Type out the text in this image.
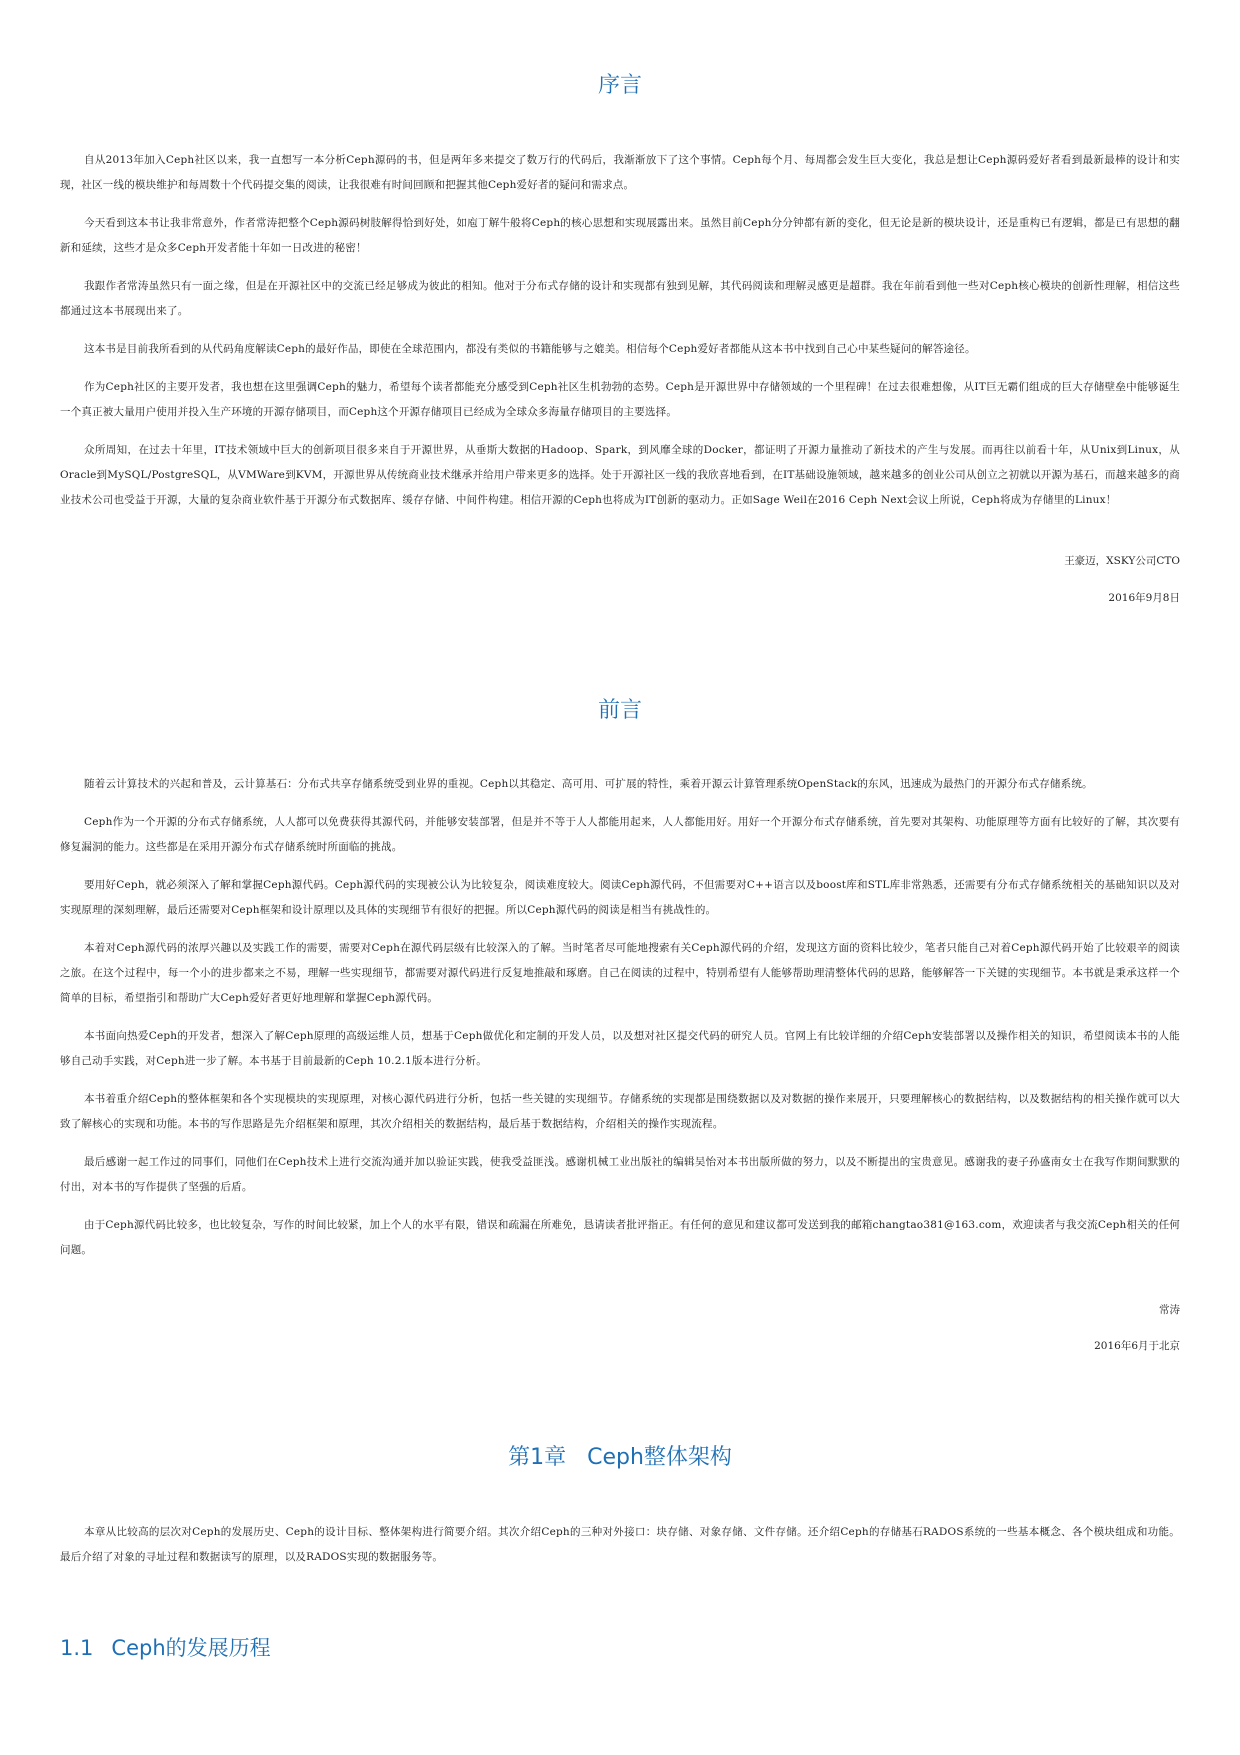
序言

自从2013年加入Ceph社区以来，我一直想写一本分析Ceph源码的书，但是两年多来提交了数万行的代码后，我渐渐放下了这个事情。Ceph每个月、每周都会发生巨大变化，我总是想让Ceph源码爱好者看到最新最棒的设计和实现，社区一线的模块维护和每周数十个代码提交集的阅读，让我很难有时间回顾和把握其他Ceph爱好者的疑问和需求点。

今天看到这本书让我非常意外，作者常涛把整个Ceph源码树肢解得恰到好处，如庖丁解牛般将Ceph的核心思想和实现展露出来。虽然目前Ceph分分钟都有新的变化，但无论是新的模块设计，还是重构已有逻辑，都是已有思想的翻新和延续，这些才是众多Ceph开发者能十年如一日改进的秘密！

我跟作者常涛虽然只有一面之缘，但是在开源社区中的交流已经足够成为彼此的相知。他对于分布式存储的设计和实现都有独到见解，其代码阅读和理解灵感更是超群。我在年前看到他一些对Ceph核心模块的创新性理解，相信这些都通过这本书展现出来了。

这本书是目前我所看到的从代码角度解读Ceph的最好作品，即使在全球范围内，都没有类似的书籍能够与之媲美。相信每个Ceph爱好者都能从这本书中找到自己心中某些疑问的解答途径。

作为Ceph社区的主要开发者，我也想在这里强调Ceph的魅力，希望每个读者都能充分感受到Ceph社区生机勃勃的态势。Ceph是开源世界中存储领域的一个里程碑！在过去很难想像，从IT巨无霸们组成的巨大存储壁垒中能够诞生一个真正被大量用户使用并投入生产环境的开源存储项目，而Ceph这个开源存储项目已经成为全球众多海量存储项目的主要选择。

众所周知，在过去十年里，IT技术领域中巨大的创新项目很多来自于开源世界，从垂斯大数据的Hadoop、Spark，到风靡全球的Docker，都证明了开源力量推动了新技术的产生与发展。而再往以前看十年，从Unix到Linux，从Oracle到MySQL/PostgreSQL，从VMWare到KVM，开源世界从传统商业技术继承并给用户带来更多的选择。处于开源社区一线的我欣喜地看到，在IT基础设施领域，越来越多的创业公司从创立之初就以开源为基石，而越来越多的商业技术公司也受益于开源，大量的复杂商业软件基于开源分布式数据库、缓存存储、中间件构建。相信开源的Ceph也将成为IT创新的驱动力。正如Sage Weil在2016 Ceph Next会议上所说，Ceph将成为存储里的Linux！

王豪迈，XSKY公司CTO

2016年9月8日

前言

随着云计算技术的兴起和普及，云计算基石：分布式共享存储系统受到业界的重视。Ceph以其稳定、高可用、可扩展的特性，乘着开源云计算管理系统OpenStack的东风，迅速成为最热门的开源分布式存储系统。

Ceph作为一个开源的分布式存储系统，人人都可以免费获得其源代码，并能够安装部署，但是并不等于人人都能用起来，人人都能用好。用好一个开源分布式存储系统，首先要对其架构、功能原理等方面有比较好的了解，其次要有修复漏洞的能力。这些都是在采用开源分布式存储系统时所面临的挑战。

要用好Ceph，就必须深入了解和掌握Ceph源代码。Ceph源代码的实现被公认为比较复杂，阅读难度较大。阅读Ceph源代码，不但需要对C++语言以及boost库和STL库非常熟悉，还需要有分布式存储系统相关的基础知识以及对实现原理的深刻理解，最后还需要对Ceph框架和设计原理以及具体的实现细节有很好的把握。所以Ceph源代码的阅读是相当有挑战性的。

本着对Ceph源代码的浓厚兴趣以及实践工作的需要，需要对Ceph在源代码层级有比较深入的了解。当时笔者尽可能地搜索有关Ceph源代码的介绍，发现这方面的资料比较少，笔者只能自己对着Ceph源代码开始了比较艰辛的阅读之旅。在这个过程中，每一个小的进步都来之不易，理解一些实现细节，都需要对源代码进行反复地推敲和琢磨。自己在阅读的过程中，特别希望有人能够帮助理清整体代码的思路，能够解答一下关键的实现细节。本书就是秉承这样一个简单的目标，希望指引和帮助广大Ceph爱好者更好地理解和掌握Ceph源代码。

本书面向热爱Ceph的开发者，想深入了解Ceph原理的高级运维人员，想基于Ceph做优化和定制的开发人员，以及想对社区提交代码的研究人员。官网上有比较详细的介绍Ceph安装部署以及操作相关的知识，希望阅读本书的人能够自己动手实践，对Ceph进一步了解。本书基于目前最新的Ceph 10.2.1版本进行分析。

本书着重介绍Ceph的整体框架和各个实现模块的实现原理，对核心源代码进行分析，包括一些关键的实现细节。存储系统的实现都是围绕数据以及对数据的操作来展开，只要理解核心的数据结构，以及数据结构的相关操作就可以大致了解核心的实现和功能。本书的写作思路是先介绍框架和原理，其次介绍相关的数据结构，最后基于数据结构，介绍相关的操作实现流程。

最后感谢一起工作过的同事们，同他们在Ceph技术上进行交流沟通并加以验证实践，使我受益匪浅。感谢机械工业出版社的编辑吴怡对本书出版所做的努力，以及不断提出的宝贵意见。感谢我的妻子孙盛南女士在我写作期间默默的付出，对本书的写作提供了坚强的后盾。

由于Ceph源代码比较多，也比较复杂，写作的时间比较紧，加上个人的水平有限，错误和疏漏在所难免，恳请读者批评指正。有任何的意见和建议都可发送到我的邮箱changtao381@163.com，欢迎读者与我交流Ceph相关的任何问题。

常涛

2016年6月于北京

第1章 Ceph整体架构

本章从比较高的层次对Ceph的发展历史、Ceph的设计目标、整体架构进行简要介绍。其次介绍Ceph的三种对外接口：块存储、对象存储、文件存储。还介绍Ceph的存储基石RADOS系统的一些基本概念、各个模块组成和功能。最后介绍了对象的寻址过程和数据读写的原理，以及RADOS实现的数据服务等。

1.1 Ceph的发展历程
